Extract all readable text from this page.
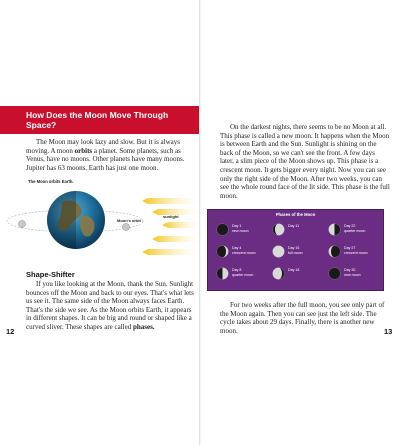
How Does the Moon Move Through Space?

The Moon may look lazy and slow. But it is always moving. A moon orbits a planet. Some planets, such as Venus, have no moons. Other planets have many moons. Jupiter has 63 moons. Earth has just one moon.

The Moon orbits Earth.
Moon's orbit
sunlight
Shape-Shifter

If you like looking at the Moon, thank the Sun. Sunlight bounces off the Moon and back to our eyes. That's what lets us see it. The same side of the Moon always faces Earth. That's the side we see. As the Moon orbits Earth, it appears in different shapes. It can be big and round or shaped like a curved sliver. These shapes are called phases.

12

On the darkest nights, there seems to be no Moon at all. This phase is called a new moon. It happens when the Moon is between Earth and the Sun. Sunlight is shining on the back of the Moon, so we can't see the front. A few days later, a slim piece of the Moon shows up. This phase is a crescent moon. It gets bigger every night. Now you can see only the right side of the Moon. After two weeks, you can see the whole round face of the lit side. This phase is the full moon.

For two weeks after the full moon, you see only part of the Moon again. Then you can see just the left side. The cycle takes about 29 days. Finally, there is another new moon.	13
Phases of the Moon
Day 1
new moon
Day 4
crescent moon
Day 8
quarter moon
Day 11
Day 15
full moon
Day 18
Day 22
quarter moon
Day 27
crescent moon
Day 30
new moon
